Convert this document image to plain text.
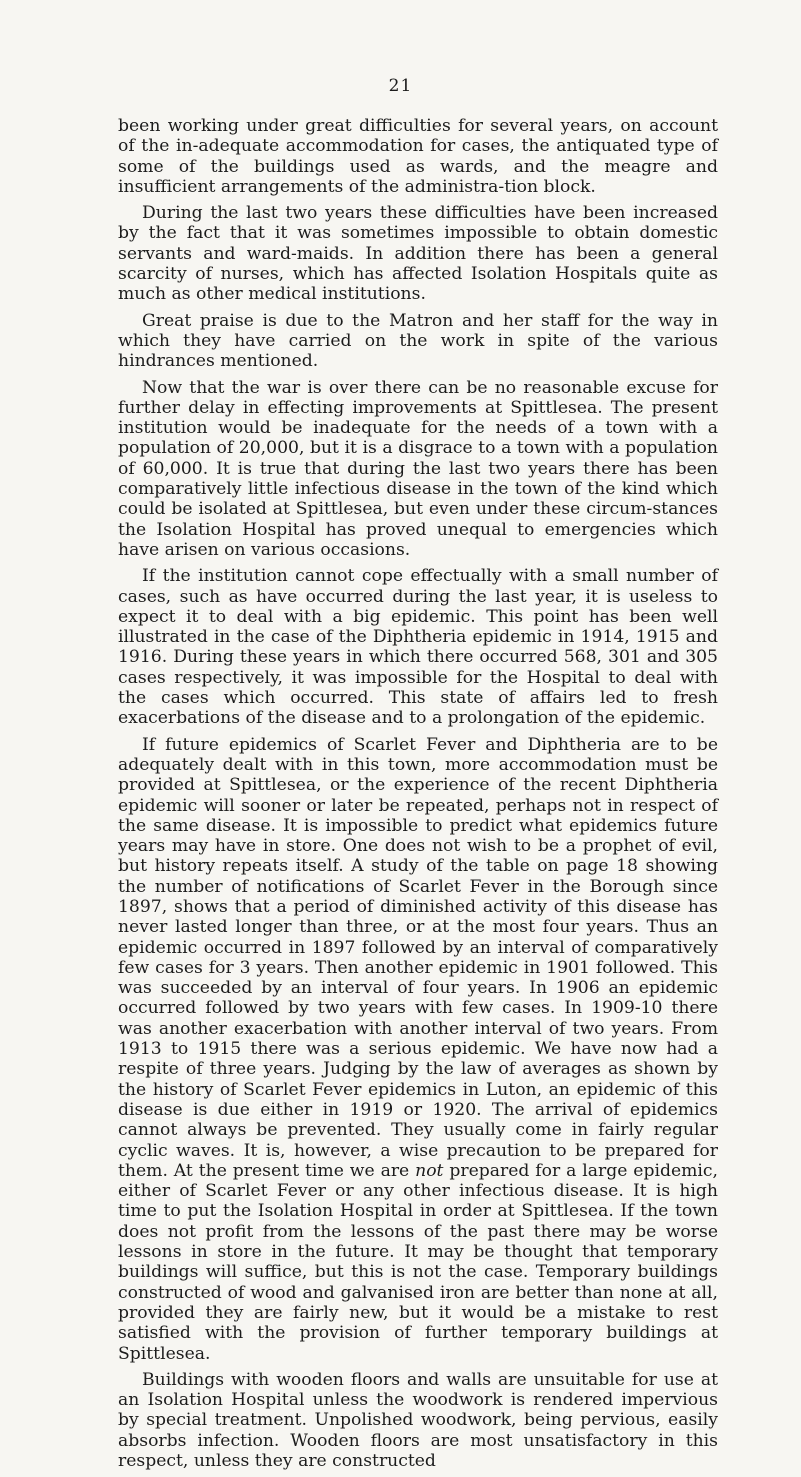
21

been working under great difficulties for several years, on account of the in-adequate accommodation for cases, the antiquated type of some of the buildings used as wards, and the meagre and insufficient arrangements of the administra-tion block.

During the last two years these difficulties have been increased by the fact that it was sometimes impossible to obtain domestic servants and ward-maids. In addition there has been a general scarcity of nurses, which has affected Isolation Hospitals quite as much as other medical institutions.

Great praise is due to the Matron and her staff for the way in which they have carried on the work in spite of the various hindrances mentioned.

Now that the war is over there can be no reasonable excuse for further delay in effecting improvements at Spittlesea. The present institution would be inadequate for the needs of a town with a population of 20,000, but it is a disgrace to a town with a population of 60,000. It is true that during the last two years there has been comparatively little infectious disease in the town of the kind which could be isolated at Spittlesea, but even under these circum-stances the Isolation Hospital has proved unequal to emergencies which have arisen on various occasions.

If the institution cannot cope effectually with a small number of cases, such as have occurred during the last year, it is useless to expect it to deal with a big epidemic. This point has been well illustrated in the case of the Diphtheria epidemic in 1914, 1915 and 1916. During these years in which there occurred 568, 301 and 305 cases respectively, it was impossible for the Hospital to deal with the cases which occurred. This state of affairs led to fresh exacerbations of the disease and to a prolongation of the epidemic.

If future epidemics of Scarlet Fever and Diphtheria are to be adequately dealt with in this town, more accommodation must be provided at Spittlesea, or the experience of the recent Diphtheria epidemic will sooner or later be repeated, perhaps not in respect of the same disease. It is impossible to predict what epidemics future years may have in store. One does not wish to be a prophet of evil, but history repeats itself. A study of the table on page 18 showing the number of notifications of Scarlet Fever in the Borough since 1897, shows that a period of diminished activity of this disease has never lasted longer than three, or at the most four years. Thus an epidemic occurred in 1897 followed by an interval of comparatively few cases for 3 years. Then another epidemic in 1901 followed. This was succeeded by an interval of four years. In 1906 an epidemic occurred followed by two years with few cases. In 1909-10 there was another exacerbation with another interval of two years. From 1913 to 1915 there was a serious epidemic. We have now had a respite of three years. Judging by the law of averages as shown by the history of Scarlet Fever epidemics in Luton, an epidemic of this disease is due either in 1919 or 1920. The arrival of epidemics cannot always be prevented. They usually come in fairly regular cyclic waves. It is, however, a wise precaution to be prepared for them. At the present time we are not prepared for a large epidemic, either of Scarlet Fever or any other infectious disease. It is high time to put the Isolation Hospital in order at Spittlesea. If the town does not profit from the lessons of the past there may be worse lessons in store in the future. It may be thought that temporary buildings will suffice, but this is not the case. Temporary buildings constructed of wood and galvanised iron are better than none at all, provided they are fairly new, but it would be a mistake to rest satisfied with the provision of further temporary buildings at Spittlesea.

Buildings with wooden floors and walls are unsuitable for use at an Isolation Hospital unless the woodwork is rendered impervious by special treatment. Unpolished woodwork, being pervious, easily absorbs infection. Wooden floors are most unsatisfactory in this respect, unless they are constructed
